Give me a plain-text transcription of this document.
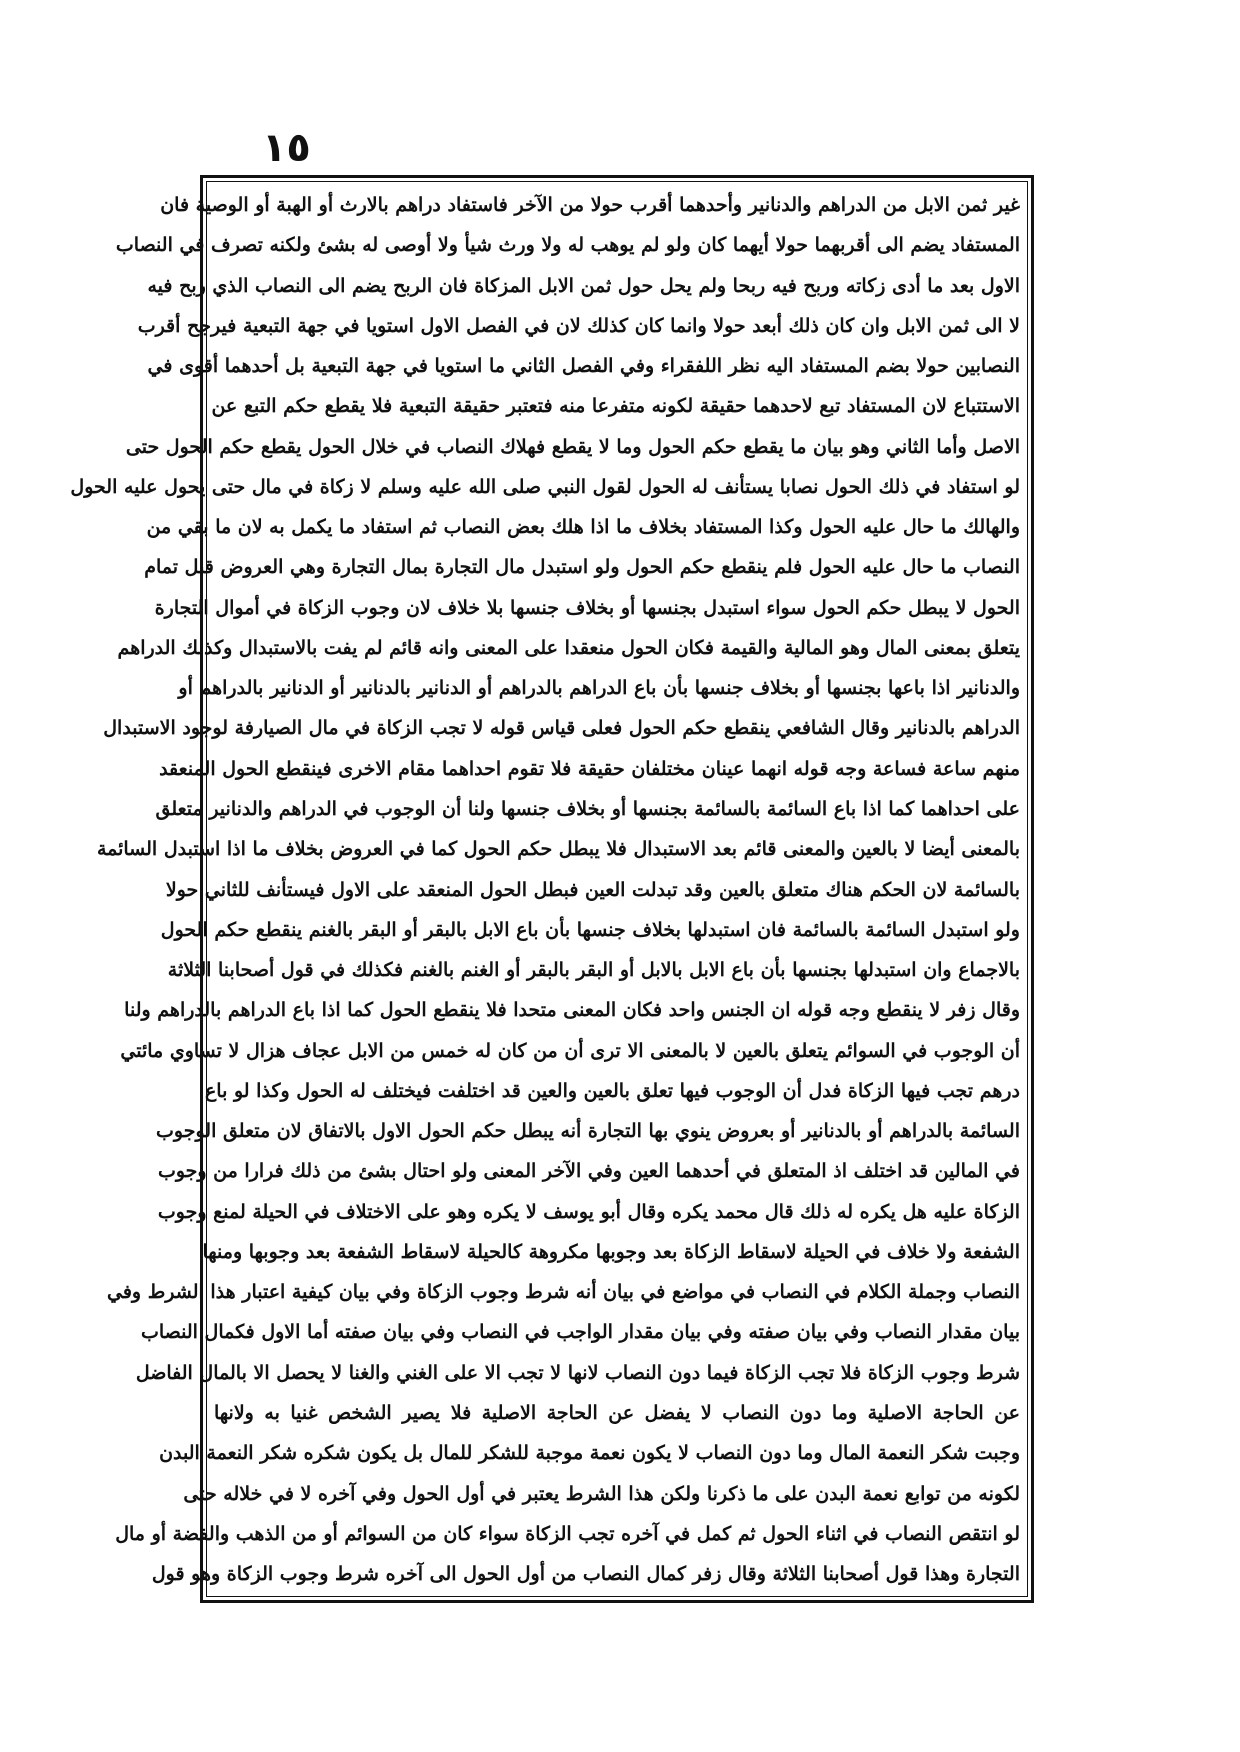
١٥
غير ثمن الابل من الدراهم والدنانير وأحدهما أقرب حولا من الآخر فاستفاد دراهم بالارث أو الهبة أو الوصية فان
المستفاد يضم الى أقربهما حولا أيهما كان ولو لم يوهب له ولا ورث شيأ ولا أوصى له بشئ ولكنه تصرف في النصاب
الاول بعد ما أدى زكاته وربح فيه ربحا ولم يحل حول ثمن الابل المزكاة فان الربح يضم الى النصاب الذي ربح فيه
لا الى ثمن الابل وان كان ذلك أبعد حولا وانما كان كذلك لان في الفصل الاول استويا في جهة التبعية فيرجح أقرب
النصابين حولا بضم المستفاد اليه نظر اللفقراء وفي الفصل الثاني ما استويا في جهة التبعية بل أحدهما أقوى في
الاستتباع لان المستفاد تبع لاحدهما حقيقة لكونه متفرعا منه فتعتبر حقيقة التبعية فلا يقطع حكم التبع عن
الاصل وأما الثاني وهو بيان ما يقطع حكم الحول وما لا يقطع فهلاك النصاب في خلال الحول يقطع حكم الحول حتى
لو استفاد في ذلك الحول نصابا يستأنف له الحول لقول النبي صلى الله عليه وسلم لا زكاة في مال حتى يحول عليه الحول
والهالك ما حال عليه الحول وكذا المستفاد بخلاف ما اذا هلك بعض النصاب ثم استفاد ما يكمل به لان ما بقي من
النصاب ما حال عليه الحول فلم ينقطع حكم الحول ولو استبدل مال التجارة بمال التجارة وهي العروض قبل تمام
الحول لا يبطل حكم الحول سواء استبدل بجنسها أو بخلاف جنسها بلا خلاف لان وجوب الزكاة في أموال التجارة
يتعلق بمعنى المال وهو المالية والقيمة فكان الحول منعقدا على المعنى وانه قائم لم يفت بالاستبدال وكذلك الدراهم
والدنانير اذا باعها بجنسها أو بخلاف جنسها بأن باع الدراهم بالدراهم أو الدنانير بالدنانير أو الدنانير بالدراهم أو
الدراهم بالدنانير وقال الشافعي ينقطع حكم الحول فعلى قياس قوله لا تجب الزكاة في مال الصيارفة لوجود الاستبدال
منهم ساعة فساعة وجه قوله انهما عينان مختلفان حقيقة فلا تقوم احداهما مقام الاخرى فينقطع الحول المنعقد
على احداهما كما اذا باع السائمة بالسائمة بجنسها أو بخلاف جنسها ولنا أن الوجوب في الدراهم والدنانير متعلق
بالمعنى أيضا لا بالعين والمعنى قائم بعد الاستبدال فلا يبطل حكم الحول كما في العروض بخلاف ما اذا استبدل السائمة
بالسائمة لان الحكم هناك متعلق بالعين وقد تبدلت العين فبطل الحول المنعقد على الاول فيستأنف للثاني حولا
ولو استبدل السائمة بالسائمة فان استبدلها بخلاف جنسها بأن باع الابل بالبقر أو البقر بالغنم ينقطع حكم الحول
بالاجماع وان استبدلها بجنسها بأن باع الابل بالابل أو البقر بالبقر أو الغنم بالغنم فكذلك في قول أصحابنا الثلاثة
وقال زفر لا ينقطع وجه قوله ان الجنس واحد فكان المعنى متحدا فلا ينقطع الحول كما اذا باع الدراهم بالدراهم ولنا
أن الوجوب في السوائم يتعلق بالعين لا بالمعنى الا ترى أن من كان له خمس من الابل عجاف هزال لا تساوي مائتي
درهم تجب فيها الزكاة فدل أن الوجوب فيها تعلق بالعين والعين قد اختلفت فيختلف له الحول وكذا لو باع
السائمة بالدراهم أو بالدنانير أو بعروض ينوي بها التجارة أنه يبطل حكم الحول الاول بالاتفاق لان متعلق الوجوب
في المالين قد اختلف اذ المتعلق في أحدهما العين وفي الآخر المعنى ولو احتال بشئ من ذلك فرارا من وجوب
الزكاة عليه هل يكره له ذلك قال محمد يكره وقال أبو يوسف لا يكره وهو على الاختلاف في الحيلة لمنع وجوب
الشفعة ولا خلاف في الحيلة لاسقاط الزكاة بعد وجوبها مكروهة كالحيلة لاسقاط الشفعة بعد وجوبها ومنها
النصاب وجملة الكلام في النصاب في مواضع في بيان أنه شرط وجوب الزكاة وفي بيان كيفية اعتبار هذا الشرط وفي
بيان مقدار النصاب وفي بيان صفته وفي بيان مقدار الواجب في النصاب وفي بيان صفته أما الاول فكمال النصاب
شرط وجوب الزكاة فلا تجب الزكاة فيما دون النصاب لانها لا تجب الا على الغني والغنا لا يحصل الا بالمال الفاضل
عن الحاجة الاصلية وما دون النصاب لا يفضل عن الحاجة الاصلية فلا يصير الشخص غنيا به ولانها
وجبت شكر النعمة المال وما دون النصاب لا يكون نعمة موجبة للشكر للمال بل يكون شكره شكر النعمة البدن
لكونه من توابع نعمة البدن على ما ذكرنا ولكن هذا الشرط يعتبر في أول الحول وفي آخره لا في خلاله حتى
لو انتقص النصاب في اثناء الحول ثم كمل في آخره تجب الزكاة سواء كان من السوائم أو من الذهب والفضة أو مال
التجارة وهذا قول أصحابنا الثلاثة وقال زفر كمال النصاب من أول الحول الى آخره شرط وجوب الزكاة وهو قول
